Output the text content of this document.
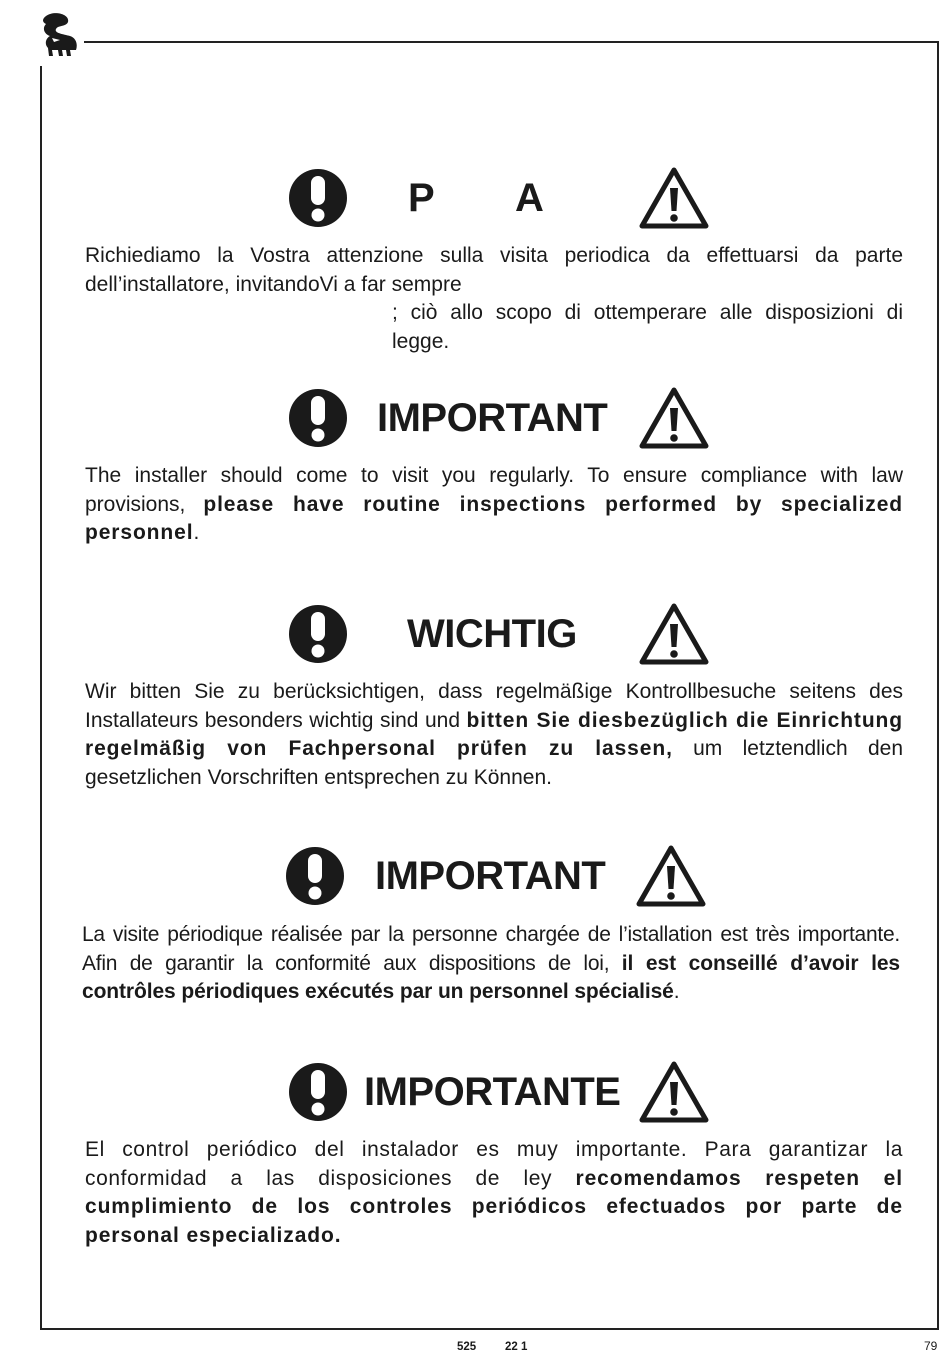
P A
Richiediamo la Vostra attenzione sulla visita periodica da effettuarsi da parte dell’installatore, invitandoVi a far sempre
; ciò allo scopo di ottemperare alle disposizioni di legge.
IMPORTANT
The installer should come to visit you regularly. To ensure compliance with law provisions, please have routine inspections performed by specialized personnel.
WICHTIG
Wir bitten Sie zu berücksichtigen, dass regelmäßige Kontrollbesuche seitens des Installateurs besonders wichtig sind und bitten Sie diesbezüglich die Einrichtung regelmäßig von Fachpersonal prüfen zu lassen, um letztendlich den gesetzlichen Vorschriften entsprechen zu Können.
IMPORTANT
La visite périodique réalisée par la personne chargée de l’istallation est très importante. Afin de garantir la conformité aux dispositions de loi, il est conseillé d’avoir les contrôles périodiques exécutés par un personnel spécialisé.
IMPORTANTE
El control periódico del instalador es muy importante. Para garantizar la conformidad a las disposiciones de ley recomendamos respeten el cumplimiento de los controles periódicos efectuados por parte de personal especializado.
525	22 1	79
